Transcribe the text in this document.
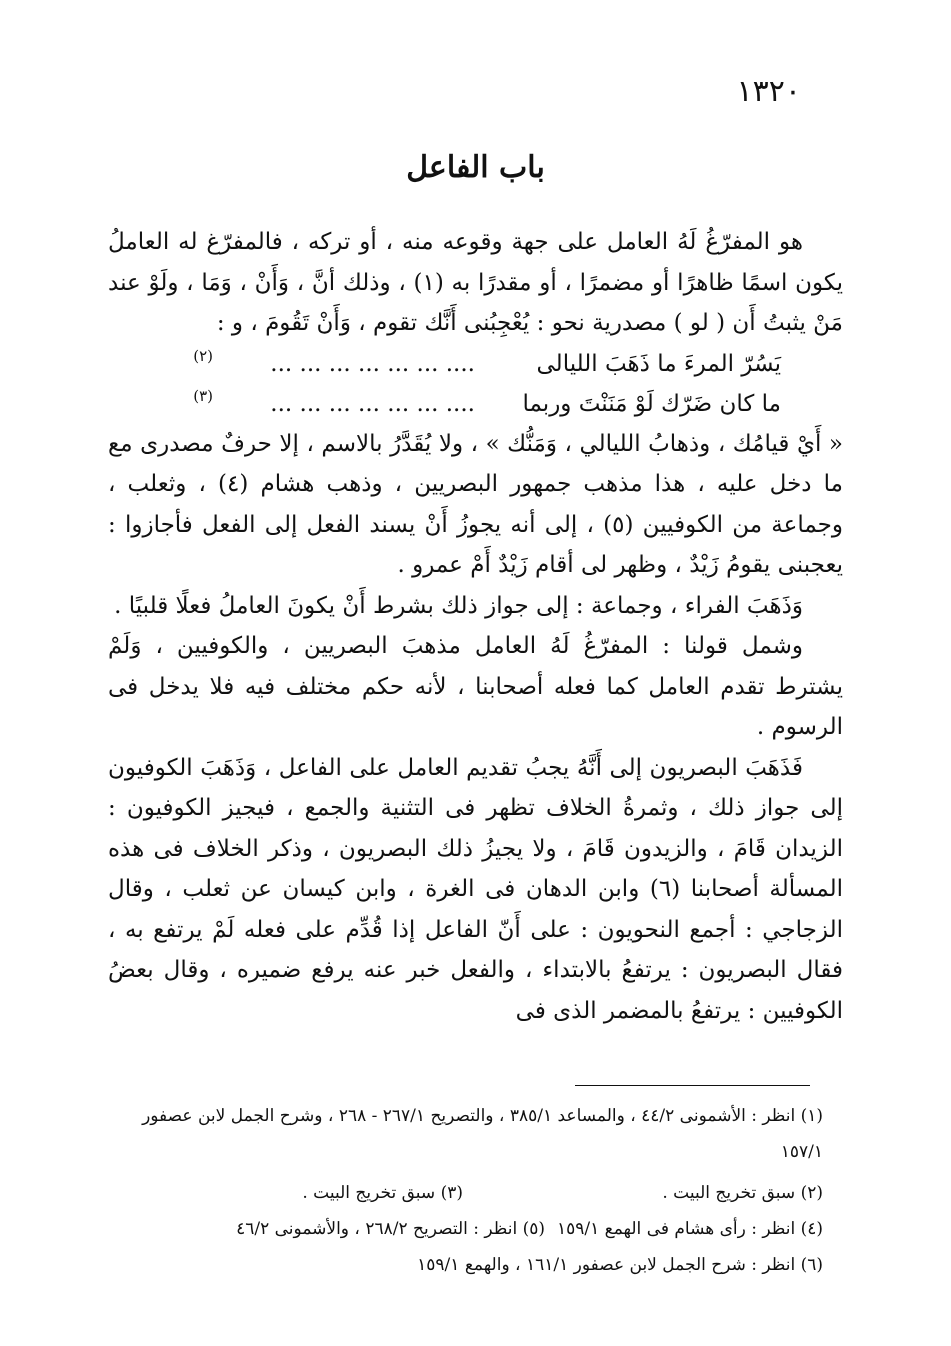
١٣٢٠
باب الفاعل

هو المفرّغُ لَهُ العامل على جهة وقوعه منه ، أو تركه ، فالمفرّغ له العاملُ يكون اسمًا ظاهرًا أو مضمرًا ، أو مقدرًا به (١) ، وذلك أنَّ ، وَأَنْ ، وَمَا ، ولَوْ عند مَنْ يثبتُ أَن ( لو ) مصدرية نحو : يُعْجِبُنى أَنَّك تقوم ، وَأَنْ تَقُومَ ، و :

يَسُرّ المرءَ ما ذَهَبَ الليالى
.... ... ... ... ... ... ...
(٢)
ما كان ضَرّك لَوْ مَنَنْتَ وربما
.... ... ... ... ... ... ...
(٣)

« أَيْ قيامُك ، وذهابُ الليالي ، وَمَنُّك » ، ولا يُقَدَّرُ بالاسم ، إلا حرفٌ مصدرى مع ما دخل عليه ، هذا مذهب جمهور البصريين ، وذهب هشام (٤) ، وثعلب ، وجماعة من الكوفيين (٥) ، إلى أنه يجوزُ أَنْ يسند الفعل إلى الفعل فأجازوا : يعجبنى يقومُ زَيْدٌ ، وظهر لى أقام زَيْدٌ أَمْ عمرو .

وَذَهَبَ الفراء ، وجماعة : إلى جواز ذلك بشرط أَنْ يكونَ العاملُ فعلًا قلبيًا .

وشمل قولنا : المفرّغُ لَهُ العامل مذهبَ البصريين ، والكوفيين ، وَلَمْ يشترط تقدم العامل كما فعله أصحابنا ، لأنه حكم مختلف فيه فلا يدخل فى الرسوم .

فَذَهَبَ البصريون إلى أَنَّهُ يجبُ تقديم العامل على الفاعل ، وَذَهَبَ الكوفيون إلى جواز ذلك ، وثمرةُ الخلاف تظهر فى التثنية والجمع ، فيجيز الكوفيون : الزيدان قَامَ ، والزيدون قَامَ ، ولا يجيزُ ذلك البصريون ، وذكر الخلاف فى هذه المسألة أصحابنا (٦) وابن الدهان فى الغرة ، وابن كيسان عن ثعلب ، وقال الزجاجي : أجمع النحويون : على أَنّ الفاعل إذا قُدِّم على فعله لَمْ يرتفع به ، فقال البصريون : يرتفعُ بالابتداء ، والفعل خبر عنه يرفع ضميره ، وقال بعضُ الكوفيين : يرتفعُ بالمضمر الذى فى

(١) انظر : الأشمونى ٤٤/٢ ، والمساعد ٣٨٥/١ ، والتصريح ٢٦٧/١ - ٢٦٨ ، وشرح الجمل لابن عصفور ١٥٧/١
(٢) سبق تخريج البيت .
(٣) سبق تخريج البيت .
(٤) انظر : رأى هشام فى الهمع ١٥٩/١
(٥) انظر : التصريح ٢٦٨/٢ ، والأشمونى ٤٦/٢
(٦) انظر : شرح الجمل لابن عصفور ١٦١/١ ، والهمع ١٥٩/١
